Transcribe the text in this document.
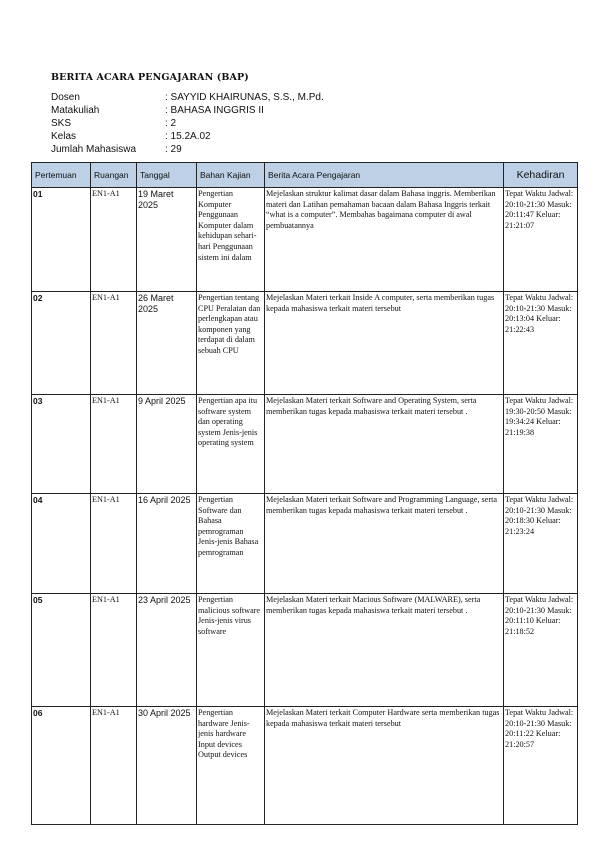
BERITA ACARA PENGAJARAN (BAP)
Dosen	: SAYYID KHAIRUNAS, S.S., M.Pd.
Matakuliah	: BAHASA INGGRIS II
SKS	: 2
Kelas	: 15.2A.02
Jumlah Mahasiswa	: 29
Pertemuan	Ruangan	Tanggal	Bahan Kajian	Berita Acara Pengajaran	Kehadiran
01	EN1-A1	19 Maret 2025	Pengertian Komputer Penggunaan Komputer dalam kehidupan sehari-hari Penggunaan sistem ini dalam	Mejelaskan struktur kalimat dasar dalam Bahasa inggris. Memberikan materi dan Latihan pemahaman bacaan dalam Bahasa Inggris terkait “what is a computer”. Membahas bagaimana computer di awal pembuatannya	Tepat Waktu Jadwal: 20:10-21:30 Masuk: 20:11:47 Keluar: 21:21:07
02	EN1-A1	26 Maret 2025	Pengertian tentang CPU Peralatan dan perlengkapan atau komponen yang terdapat di dalam sebuah CPU	Mejelaskan Materi terkait Inside A computer, serta memberikan tugas kepada mahasiswa terkait materi tersebut	Tepat Waktu Jadwal: 20:10-21:30 Masuk: 20:13:04 Keluar: 21:22:43
03	EN1-A1	9 April 2025	Pengertian apa itu software system dan operating system Jenis-jenis operating system	Mejelaskan Materi terkait Software and Operating System, serta memberikan tugas kepada mahasiswa terkait materi tersebut .	Tepat Waktu Jadwal: 19:30-20:50 Masuk: 19:34:24 Keluar: 21:19:38
04	EN1-A1	16 April 2025	Pengertian Software dan Bahasa pemrograman Jenis-jenis Bahasa pemrograman	Mejelaskan Materi terkait Software and Programming Language, serta memberikan tugas kepada mahasiswa terkait materi tersebut .	Tepat Waktu Jadwal: 20:10-21:30 Masuk: 20:18:30 Keluar: 21:23:24
05	EN1-A1	23 April 2025	Pengertian malicious software Jenis-jenis virus software	Mejelaskan Materi terkait Macious Software (MALWARE), serta memberikan tugas kepada mahasiswa terkait materi tersebut .	Tepat Waktu Jadwal: 20:10-21:30 Masuk: 20:11:10 Keluar: 21:18:52
06	EN1-A1	30 April 2025	Pengertian hardware Jenis-jenis hardware Input devices Output devices	Mejelaskan Materi terkait Computer Hardware serta memberikan tugas kepada mahasiswa terkait materi tersebut	Tepat Waktu Jadwal: 20:10-21:30 Masuk: 20:11:22 Keluar: 21:20:57
